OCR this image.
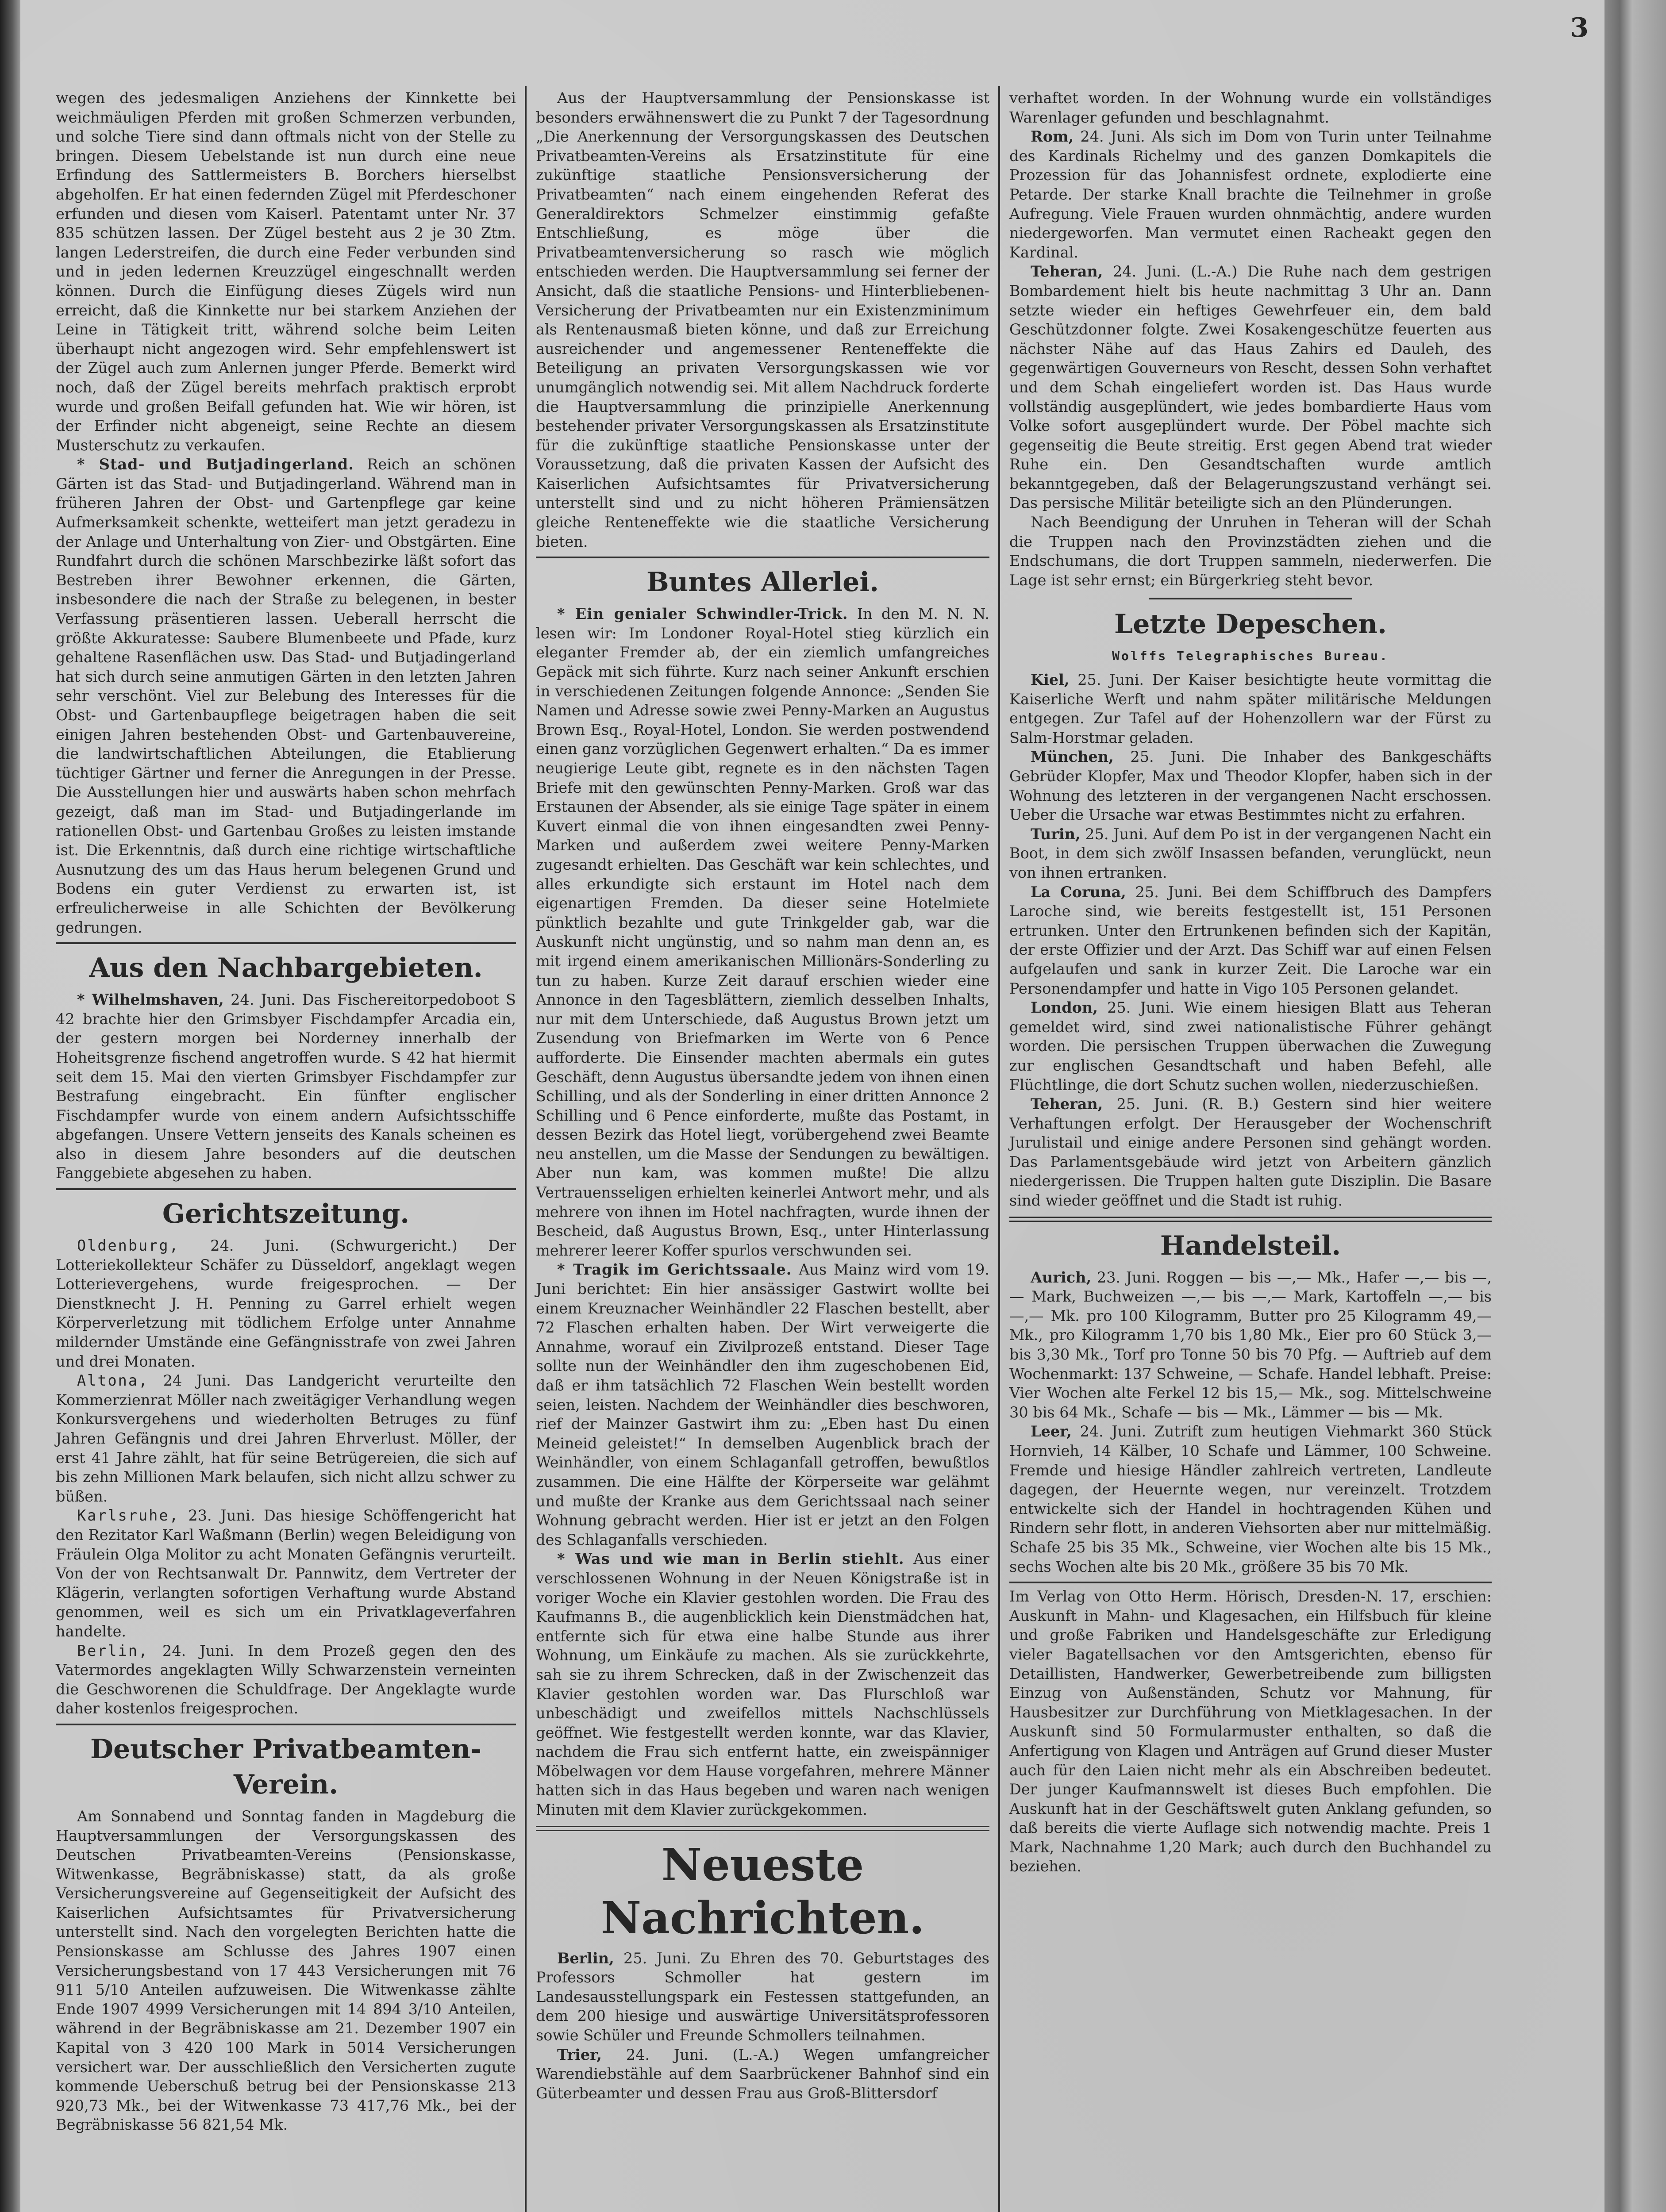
3

wegen des jedesmaligen Anziehens der Kinnkette bei weichmäuligen Pferden mit großen Schmerzen verbunden, und solche Tiere sind dann oftmals nicht von der Stelle zu bringen. Diesem Uebelstande ist nun durch eine neue Erfindung des Sattlermeisters B. Borchers hierselbst abgeholfen. Er hat einen federnden Zügel mit Pferdeschoner erfunden und diesen vom Kaiserl. Patentamt unter Nr. 37 835 schützen lassen. Der Zügel besteht aus 2 je 30 Ztm. langen Lederstreifen, die durch eine Feder verbunden sind und in jeden ledernen Kreuzzügel eingeschnallt werden können. Durch die Einfügung dieses Zügels wird nun erreicht, daß die Kinnkette nur bei starkem Anziehen der Leine in Tätigkeit tritt, während solche beim Leiten überhaupt nicht angezogen wird. Sehr empfehlenswert ist der Zügel auch zum Anlernen junger Pferde. Bemerkt wird noch, daß der Zügel bereits mehrfach praktisch erprobt wurde und großen Beifall gefunden hat. Wie wir hören, ist der Erfinder nicht abgeneigt, seine Rechte an diesem Musterschutz zu verkaufen.

* Stad- und Butjadingerland. Reich an schönen Gärten ist das Stad- und Butjadingerland. Während man in früheren Jahren der Obst- und Gartenpflege gar keine Aufmerksamkeit schenkte, wetteifert man jetzt geradezu in der Anlage und Unterhaltung von Zier- und Obstgärten. Eine Rundfahrt durch die schönen Marschbezirke läßt sofort das Bestreben ihrer Bewohner erkennen, die Gärten, insbesondere die nach der Straße zu belegenen, in bester Verfassung präsentieren lassen. Ueberall herrscht die größte Akkuratesse: Saubere Blumenbeete und Pfade, kurz gehaltene Rasenflächen usw. Das Stad- und Butjadingerland hat sich durch seine anmutigen Gärten in den letzten Jahren sehr verschönt. Viel zur Belebung des Interesses für die Obst- und Gartenbaupflege beigetragen haben die seit einigen Jahren bestehenden Obst- und Gartenbauvereine, die landwirtschaftlichen Abteilungen, die Etablierung tüchtiger Gärtner und ferner die Anregungen in der Presse. Die Ausstellungen hier und auswärts haben schon mehrfach gezeigt, daß man im Stad- und Butjadingerlande im rationellen Obst- und Gartenbau Großes zu leisten imstande ist. Die Erkenntnis, daß durch eine richtige wirtschaftliche Ausnutzung des um das Haus herum belegenen Grund und Bodens ein guter Verdienst zu erwarten ist, ist erfreulicherweise in alle Schichten der Bevölkerung gedrungen.

Aus den Nachbargebieten.

* Wilhelmshaven, 24. Juni. Das Fischereitorpedoboot S 42 brachte hier den Grimsbyer Fischdampfer Arcadia ein, der gestern morgen bei Norderney innerhalb der Hoheitsgrenze fischend angetroffen wurde. S 42 hat hiermit seit dem 15. Mai den vierten Grimsbyer Fischdampfer zur Bestrafung eingebracht. Ein fünfter englischer Fischdampfer wurde von einem andern Aufsichtsschiffe abgefangen. Unsere Vettern jenseits des Kanals scheinen es also in diesem Jahre besonders auf die deutschen Fanggebiete abgesehen zu haben.

Gerichtszeitung.

Oldenburg, 24. Juni. (Schwurgericht.) Der Lotteriekollekteur Schäfer zu Düsseldorf, angeklagt wegen Lotterievergehens, wurde freigesprochen. — Der Dienstknecht J. H. Penning zu Garrel erhielt wegen Körperverletzung mit tödlichem Erfolge unter Annahme mildernder Umstände eine Gefängnisstrafe von zwei Jahren und drei Monaten.

Altona, 24 Juni. Das Landgericht verurteilte den Kommerzienrat Möller nach zweitägiger Verhandlung wegen Konkursvergehens und wiederholten Betruges zu fünf Jahren Gefängnis und drei Jahren Ehrverlust. Möller, der erst 41 Jahre zählt, hat für seine Betrügereien, die sich auf bis zehn Millionen Mark belaufen, sich nicht allzu schwer zu büßen.

Karlsruhe, 23. Juni. Das hiesige Schöffengericht hat den Rezitator Karl Waßmann (Berlin) wegen Beleidigung von Fräulein Olga Molitor zu acht Monaten Gefängnis verurteilt. Von der von Rechtsanwalt Dr. Pannwitz, dem Vertreter der Klägerin, verlangten sofortigen Verhaftung wurde Abstand genommen, weil es sich um ein Privatklageverfahren handelte.

Berlin, 24. Juni. In dem Prozeß gegen den des Vatermordes angeklagten Willy Schwarzenstein verneinten die Geschworenen die Schuldfrage. Der Angeklagte wurde daher kostenlos freigesprochen.

Deutscher Privatbeamten-Verein.

Am Sonnabend und Sonntag fanden in Magdeburg die Hauptversammlungen der Versorgungskassen des Deutschen Privatbeamten-Vereins (Pensionskasse, Witwenkasse, Begräbniskasse) statt, da als große Versicherungsvereine auf Gegenseitigkeit der Aufsicht des Kaiserlichen Aufsichtsamtes für Privatversicherung unterstellt sind. Nach den vorgelegten Berichten hatte die Pensionskasse am Schlusse des Jahres 1907 einen Versicherungsbestand von 17 443 Versicherungen mit 76 911 5/10 Anteilen aufzuweisen. Die Witwenkasse zählte Ende 1907 4999 Versicherungen mit 14 894 3/10 Anteilen, während in der Begräbniskasse am 21. Dezember 1907 ein Kapital von 3 420 100 Mark in 5014 Versicherungen versichert war. Der ausschließlich den Versicherten zugute kommende Ueberschuß betrug bei der Pensionskasse 213 920,73 Mk., bei der Witwenkasse 73 417,76 Mk., bei der Begräbniskasse 56 821,54 Mk.

Aus der Hauptversammlung der Pensionskasse ist besonders erwähnenswert die zu Punkt 7 der Tagesordnung „Die Anerkennung der Versorgungskassen des Deutschen Privatbeamten-Vereins als Ersatzinstitute für eine zukünftige staatliche Pensionsversicherung der Privatbeamten“ nach einem eingehenden Referat des Generaldirektors Schmelzer einstimmig gefaßte Entschließung, es möge über die Privatbeamtenversicherung so rasch wie möglich entschieden werden. Die Hauptversammlung sei ferner der Ansicht, daß die staatliche Pensions- und Hinterbliebenen-Versicherung der Privatbeamten nur ein Existenzminimum als Rentenausmaß bieten könne, und daß zur Erreichung ausreichender und angemessener Renteneffekte die Beteiligung an privaten Versorgungskassen wie vor unumgänglich notwendig sei. Mit allem Nachdruck forderte die Hauptversammlung die prinzipielle Anerkennung bestehender privater Versorgungskassen als Ersatzinstitute für die zukünftige staatliche Pensionskasse unter der Voraussetzung, daß die privaten Kassen der Aufsicht des Kaiserlichen Aufsichtsamtes für Privatversicherung unterstellt sind und zu nicht höheren Prämiensätzen gleiche Renteneffekte wie die staatliche Versicherung bieten.

Buntes Allerlei.

* Ein genialer Schwindler-Trick. In den M. N. N. lesen wir: Im Londoner Royal-Hotel stieg kürzlich ein eleganter Fremder ab, der ein ziemlich umfangreiches Gepäck mit sich führte. Kurz nach seiner Ankunft erschien in verschiedenen Zeitungen folgende Annonce: „Senden Sie Namen und Adresse sowie zwei Penny-Marken an Augustus Brown Esq., Royal-Hotel, London. Sie werden postwendend einen ganz vorzüglichen Gegenwert erhalten.“ Da es immer neugierige Leute gibt, regnete es in den nächsten Tagen Briefe mit den gewünschten Penny-Marken. Groß war das Erstaunen der Absender, als sie einige Tage später in einem Kuvert einmal die von ihnen eingesandten zwei Penny-Marken und außerdem zwei weitere Penny-Marken zugesandt erhielten. Das Geschäft war kein schlechtes, und alles erkundigte sich erstaunt im Hotel nach dem eigenartigen Fremden. Da dieser seine Hotelmiete pünktlich bezahlte und gute Trinkgelder gab, war die Auskunft nicht ungünstig, und so nahm man denn an, es mit irgend einem amerikanischen Millionärs-Sonderling zu tun zu haben. Kurze Zeit darauf erschien wieder eine Annonce in den Tagesblättern, ziemlich desselben Inhalts, nur mit dem Unterschiede, daß Augustus Brown jetzt um Zusendung von Briefmarken im Werte von 6 Pence aufforderte. Die Einsender machten abermals ein gutes Geschäft, denn Augustus übersandte jedem von ihnen einen Schilling, und als der Sonderling in einer dritten Annonce 2 Schilling und 6 Pence einforderte, mußte das Postamt, in dessen Bezirk das Hotel liegt, vorübergehend zwei Beamte neu anstellen, um die Masse der Sendungen zu bewältigen. Aber nun kam, was kommen mußte! Die allzu Vertrauensseligen erhielten keinerlei Antwort mehr, und als mehrere von ihnen im Hotel nachfragten, wurde ihnen der Bescheid, daß Augustus Brown, Esq., unter Hinterlassung mehrerer leerer Koffer spurlos verschwunden sei.

* Tragik im Gerichtssaale. Aus Mainz wird vom 19. Juni berichtet: Ein hier ansässiger Gastwirt wollte bei einem Kreuznacher Weinhändler 22 Flaschen bestellt, aber 72 Flaschen erhalten haben. Der Wirt verweigerte die Annahme, worauf ein Zivilprozeß entstand. Dieser Tage sollte nun der Weinhändler den ihm zugeschobenen Eid, daß er ihm tatsächlich 72 Flaschen Wein bestellt worden seien, leisten. Nachdem der Weinhändler dies beschworen, rief der Mainzer Gastwirt ihm zu: „Eben hast Du einen Meineid geleistet!“ In demselben Augenblick brach der Weinhändler, von einem Schlaganfall getroffen, bewußtlos zusammen. Die eine Hälfte der Körperseite war gelähmt und mußte der Kranke aus dem Gerichtssaal nach seiner Wohnung gebracht werden. Hier ist er jetzt an den Folgen des Schlaganfalls verschieden.

* Was und wie man in Berlin stiehlt. Aus einer verschlossenen Wohnung in der Neuen Königstraße ist in voriger Woche ein Klavier gestohlen worden. Die Frau des Kaufmanns B., die augenblicklich kein Dienstmädchen hat, entfernte sich für etwa eine halbe Stunde aus ihrer Wohnung, um Einkäufe zu machen. Als sie zurückkehrte, sah sie zu ihrem Schrecken, daß in der Zwischenzeit das Klavier gestohlen worden war. Das Flurschloß war unbeschädigt und zweifellos mittels Nachschlüssels geöffnet. Wie festgestellt werden konnte, war das Klavier, nachdem die Frau sich entfernt hatte, ein zweispänniger Möbelwagen vor dem Hause vorgefahren, mehrere Männer hatten sich in das Haus begeben und waren nach wenigen Minuten mit dem Klavier zurückgekommen.

Neueste Nachrichten.

Berlin, 25. Juni. Zu Ehren des 70. Geburtstages des Professors Schmoller hat gestern im Landesausstellungspark ein Festessen stattgefunden, an dem 200 hiesige und auswärtige Universitätsprofessoren sowie Schüler und Freunde Schmollers teilnahmen.

Trier, 24. Juni. (L.-A.) Wegen umfangreicher Warendiebstähle auf dem Saarbrückener Bahnhof sind ein Güterbeamter und dessen Frau aus Groß-Blittersdorf

verhaftet worden. In der Wohnung wurde ein vollständiges Warenlager gefunden und beschlagnahmt.

Rom, 24. Juni. Als sich im Dom von Turin unter Teilnahme des Kardinals Richelmy und des ganzen Domkapitels die Prozession für das Johannisfest ordnete, explodierte eine Petarde. Der starke Knall brachte die Teilnehmer in große Aufregung. Viele Frauen wurden ohnmächtig, andere wurden niedergeworfen. Man vermutet einen Racheakt gegen den Kardinal.

Teheran, 24. Juni. (L.-A.) Die Ruhe nach dem gestrigen Bombardement hielt bis heute nachmittag 3 Uhr an. Dann setzte wieder ein heftiges Gewehrfeuer ein, dem bald Geschützdonner folgte. Zwei Kosakengeschütze feuerten aus nächster Nähe auf das Haus Zahirs ed Dauleh, des gegenwärtigen Gouverneurs von Rescht, dessen Sohn verhaftet und dem Schah eingeliefert worden ist. Das Haus wurde vollständig ausgeplündert, wie jedes bombardierte Haus vom Volke sofort ausgeplündert wurde. Der Pöbel machte sich gegenseitig die Beute streitig. Erst gegen Abend trat wieder Ruhe ein. Den Gesandtschaften wurde amtlich bekanntgegeben, daß der Belagerungszustand verhängt sei. Das persische Militär beteiligte sich an den Plünderungen.

Nach Beendigung der Unruhen in Teheran will der Schah die Truppen nach den Provinzstädten ziehen und die Endschumans, die dort Truppen sammeln, niederwerfen. Die Lage ist sehr ernst; ein Bürgerkrieg steht bevor.

Letzte Depeschen.

Wolffs Telegraphisches Bureau.

Kiel, 25. Juni. Der Kaiser besichtigte heute vormittag die Kaiserliche Werft und nahm später militärische Meldungen entgegen. Zur Tafel auf der Hohenzollern war der Fürst zu Salm-Horstmar geladen.

München, 25. Juni. Die Inhaber des Bankgeschäfts Gebrüder Klopfer, Max und Theodor Klopfer, haben sich in der Wohnung des letzteren in der vergangenen Nacht erschossen. Ueber die Ursache war etwas Bestimmtes nicht zu erfahren.

Turin, 25. Juni. Auf dem Po ist in der vergangenen Nacht ein Boot, in dem sich zwölf Insassen befanden, verunglückt, neun von ihnen ertranken.

La Coruna, 25. Juni. Bei dem Schiffbruch des Dampfers Laroche sind, wie bereits festgestellt ist, 151 Personen ertrunken. Unter den Ertrunkenen befinden sich der Kapitän, der erste Offizier und der Arzt. Das Schiff war auf einen Felsen aufgelaufen und sank in kurzer Zeit. Die Laroche war ein Personendampfer und hatte in Vigo 105 Personen gelandet.

London, 25. Juni. Wie einem hiesigen Blatt aus Teheran gemeldet wird, sind zwei nationalistische Führer gehängt worden. Die persischen Truppen überwachen die Zuwegung zur englischen Gesandtschaft und haben Befehl, alle Flüchtlinge, die dort Schutz suchen wollen, niederzuschießen.

Teheran, 25. Juni. (R. B.) Gestern sind hier weitere Verhaftungen erfolgt. Der Herausgeber der Wochenschrift Jurulistail und einige andere Personen sind gehängt worden. Das Parlamentsgebäude wird jetzt von Arbeitern gänzlich niedergerissen. Die Truppen halten gute Disziplin. Die Basare sind wieder geöffnet und die Stadt ist ruhig.

Handelsteil.

Aurich, 23. Juni. Roggen — bis —,— Mk., Hafer —,— bis —,— Mark, Buchweizen —,— bis —,— Mark, Kartoffeln —,— bis —,— Mk. pro 100 Kilogramm, Butter pro 25 Kilogramm 49,— Mk., pro Kilogramm 1,70 bis 1,80 Mk., Eier pro 60 Stück 3,— bis 3,30 Mk., Torf pro Tonne 50 bis 70 Pfg. — Auftrieb auf dem Wochenmarkt: 137 Schweine, — Schafe. Handel lebhaft. Preise: Vier Wochen alte Ferkel 12 bis 15,— Mk., sog. Mittelschweine 30 bis 64 Mk., Schafe — bis — Mk., Lämmer — bis — Mk.

Leer, 24. Juni. Zutrift zum heutigen Viehmarkt 360 Stück Hornvieh, 14 Kälber, 10 Schafe und Lämmer, 100 Schweine. Fremde und hiesige Händler zahlreich vertreten, Landleute dagegen, der Heuernte wegen, nur vereinzelt. Trotzdem entwickelte sich der Handel in hochtragenden Kühen und Rindern sehr flott, in anderen Viehsorten aber nur mittelmäßig. Schafe 25 bis 35 Mk., Schweine, vier Wochen alte bis 15 Mk., sechs Wochen alte bis 20 Mk., größere 35 bis 70 Mk.

Im Verlag von Otto Herm. Hörisch, Dresden-N. 17, erschien: Auskunft in Mahn- und Klagesachen, ein Hilfsbuch für kleine und große Fabriken und Handelsgeschäfte zur Erledigung vieler Bagatellsachen vor den Amtsgerichten, ebenso für Detaillisten, Handwerker, Gewerbetreibende zum billigsten Einzug von Außenständen, Schutz vor Mahnung, für Hausbesitzer zur Durchführung von Mietklagesachen. In der Auskunft sind 50 Formularmuster enthalten, so daß die Anfertigung von Klagen und Anträgen auf Grund dieser Muster auch für den Laien nicht mehr als ein Abschreiben bedeutet. Der junger Kaufmannswelt ist dieses Buch empfohlen. Die Auskunft hat in der Geschäftswelt guten Anklang gefunden, so daß bereits die vierte Auflage sich notwendig machte. Preis 1 Mark, Nachnahme 1,20 Mark; auch durch den Buchhandel zu beziehen.
